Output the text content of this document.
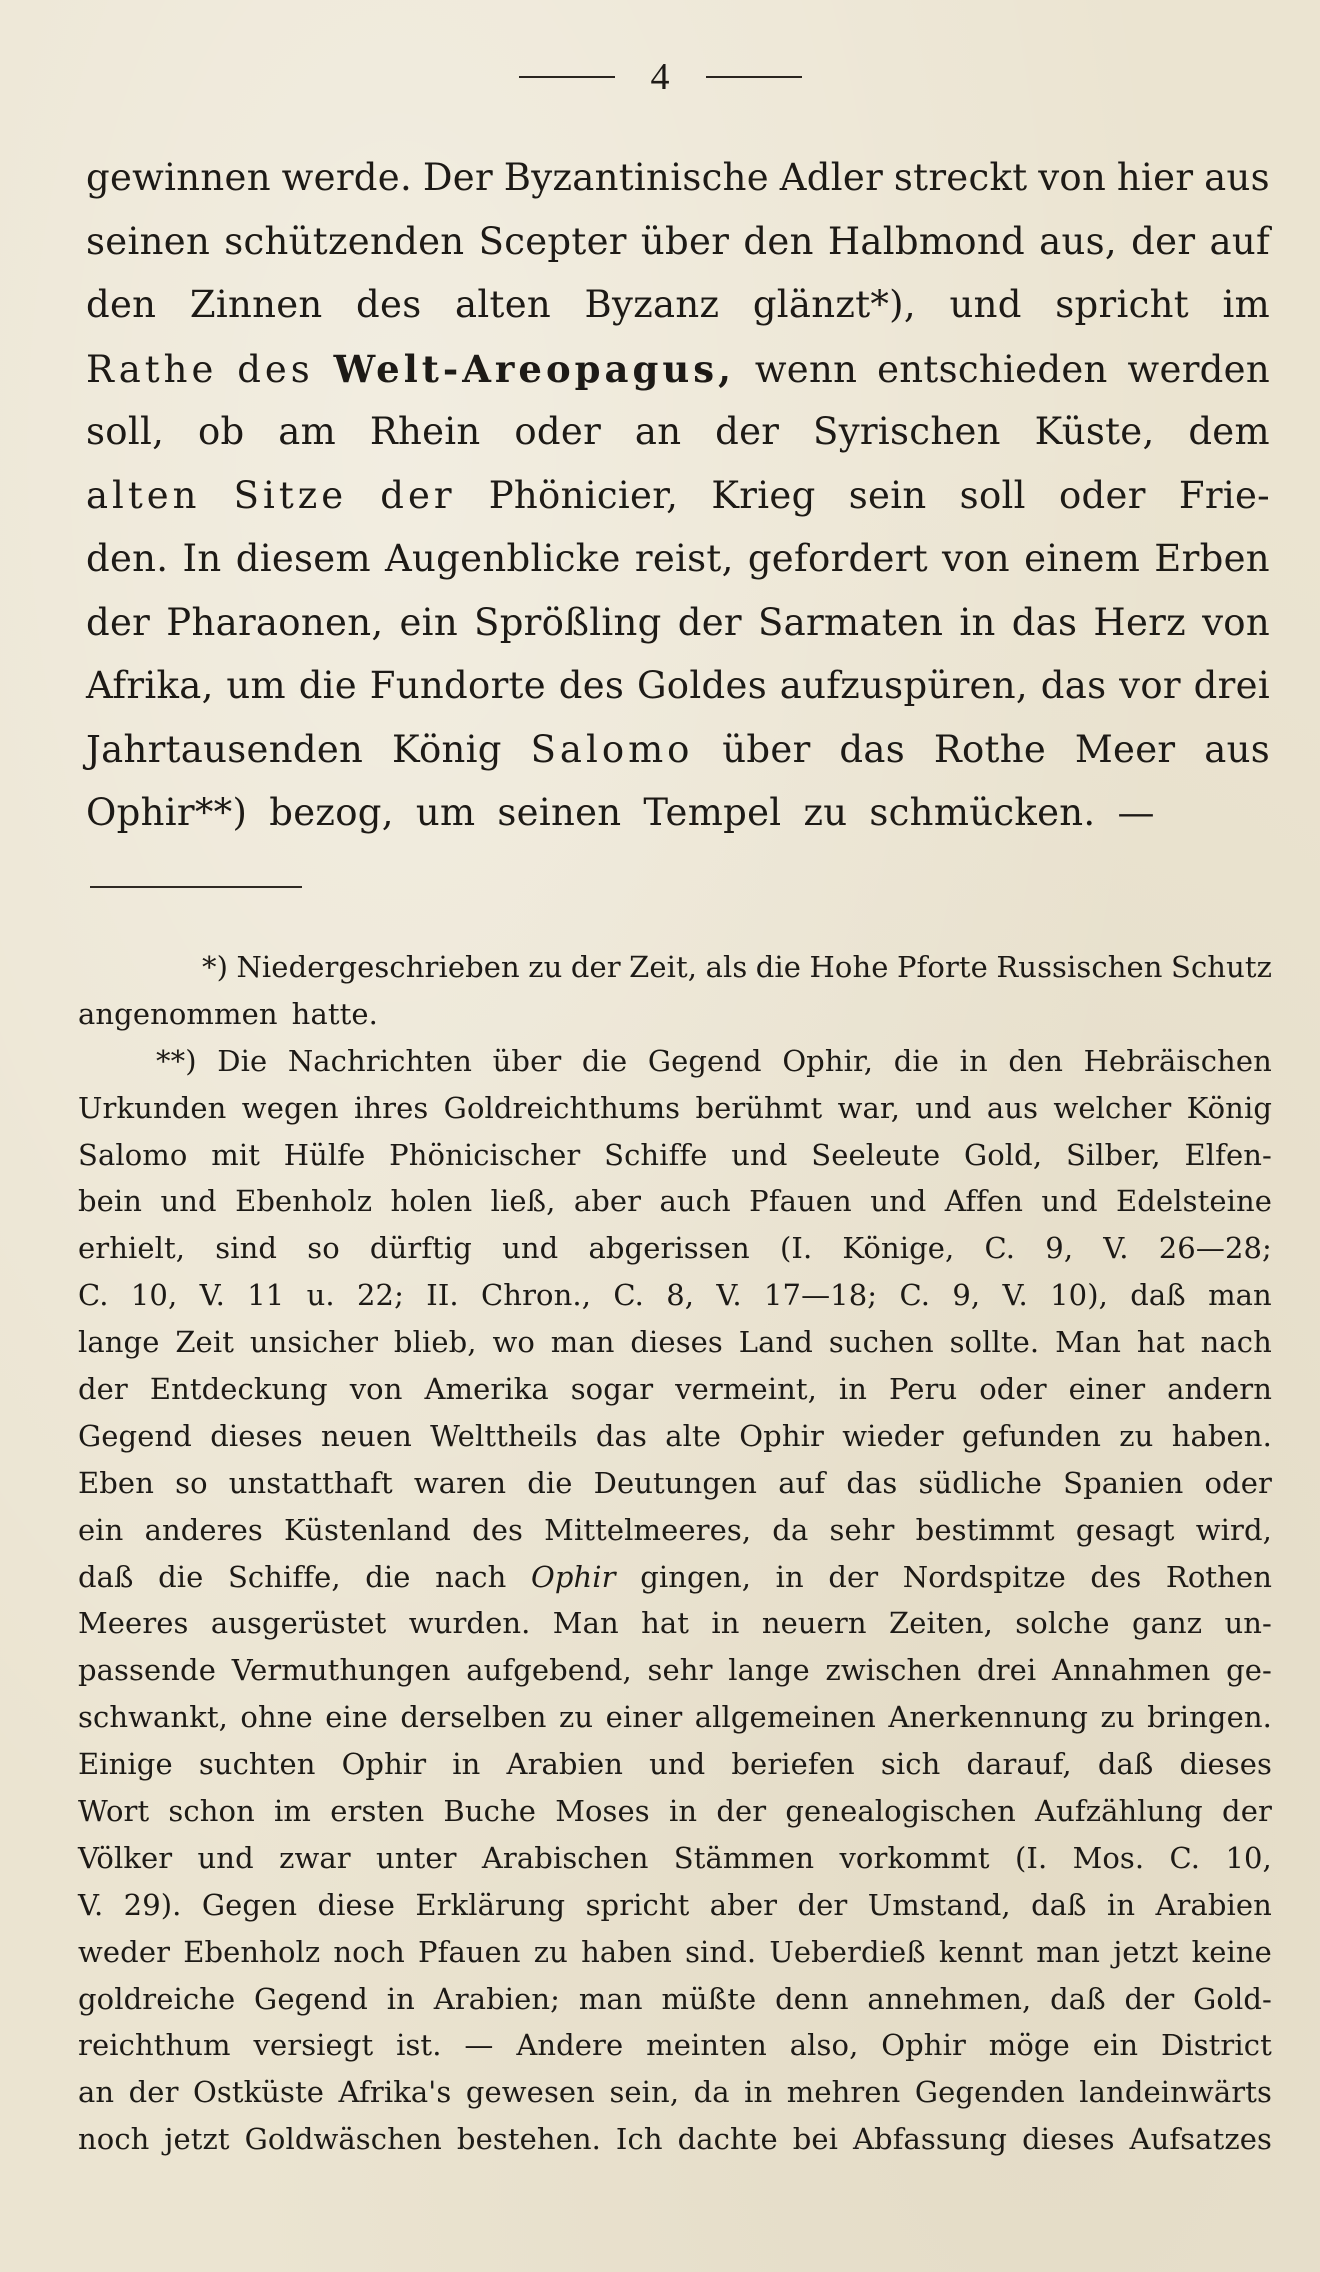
4
gewinnen werde. Der Byzantinische Adler streckt von hier aus
seinen schützenden Scepter über den Halbmond aus, der auf
den Zinnen des alten Byzanz glänzt*), und spricht im
Rathe des Welt-Areopagus, wenn entschieden werden
soll, ob am Rhein oder an der Syrischen Küste, dem
alten Sitze der Phönicier, Krieg sein soll oder Frie-
den. In diesem Augenblicke reist, gefordert von einem Erben
der Pharaonen, ein Sprößling der Sarmaten in das Herz von
Afrika, um die Fundorte des Goldes aufzuspüren, das vor drei
Jahrtausenden König Salomo über das Rothe Meer aus
Ophir**) bezog, um seinen Tempel zu schmücken. —
*) Niedergeschrieben zu der Zeit, als die Hohe Pforte Russischen Schutz
angenommen hatte.
**) Die Nachrichten über die Gegend Ophir, die in den Hebräischen
Urkunden wegen ihres Goldreichthums berühmt war, und aus welcher König
Salomo mit Hülfe Phönicischer Schiffe und Seeleute Gold, Silber, Elfen-
bein und Ebenholz holen ließ, aber auch Pfauen und Affen und Edelsteine
erhielt, sind so dürftig und abgerissen (I. Könige, C. 9, V. 26—28;
C. 10, V. 11 u. 22; II. Chron., C. 8, V. 17—18; C. 9, V. 10), daß man
lange Zeit unsicher blieb, wo man dieses Land suchen sollte. Man hat nach
der Entdeckung von Amerika sogar vermeint, in Peru oder einer andern
Gegend dieses neuen Welttheils das alte Ophir wieder gefunden zu haben.
Eben so unstatthaft waren die Deutungen auf das südliche Spanien oder
ein anderes Küstenland des Mittelmeeres, da sehr bestimmt gesagt wird,
daß die Schiffe, die nach Ophir gingen, in der Nordspitze des Rothen
Meeres ausgerüstet wurden. Man hat in neuern Zeiten, solche ganz un-
passende Vermuthungen aufgebend, sehr lange zwischen drei Annahmen ge-
schwankt, ohne eine derselben zu einer allgemeinen Anerkennung zu bringen.
Einige suchten Ophir in Arabien und beriefen sich darauf, daß dieses
Wort schon im ersten Buche Moses in der genealogischen Aufzählung der
Völker und zwar unter Arabischen Stämmen vorkommt (I. Mos. C. 10,
V. 29). Gegen diese Erklärung spricht aber der Umstand, daß in Arabien
weder Ebenholz noch Pfauen zu haben sind. Ueberdieß kennt man jetzt keine
goldreiche Gegend in Arabien; man müßte denn annehmen, daß der Gold-
reichthum versiegt ist. — Andere meinten also, Ophir möge ein District
an der Ostküste Afrika's gewesen sein, da in mehren Gegenden landeinwärts
noch jetzt Goldwäschen bestehen. Ich dachte bei Abfassung dieses Aufsatzes
